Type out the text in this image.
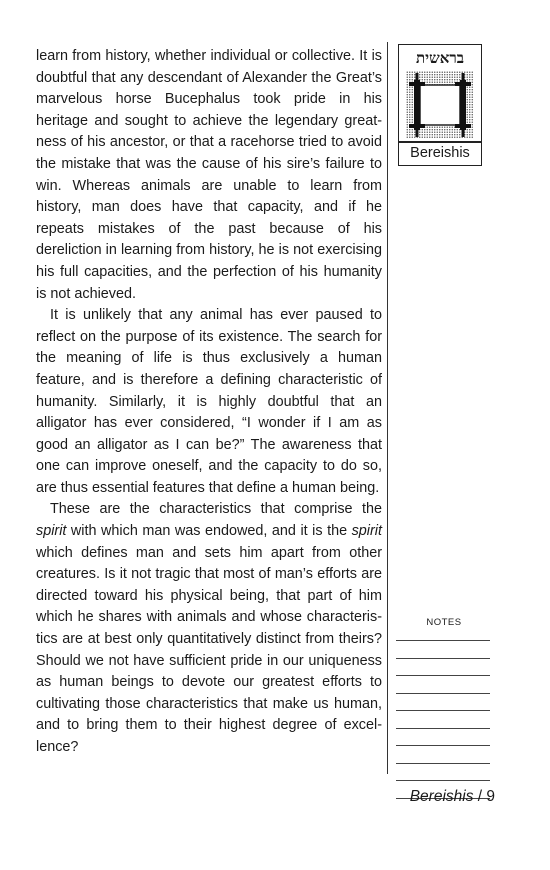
learn from history, whether individual or collective. It is doubtful that any descendant of Alexander the Great’s marvelous horse Bucephalus took pride in his heritage and sought to achieve the legendary greatness of his ancestor, or that a racehorse tried to avoid the mistake that was the cause of his sire’s failure to win. Whereas animals are unable to learn from history, man does have that capacity, and if he repeats mistakes of the past because of his dereliction in learning from history, he is not exercising his full capacities, and the perfection of his humanity is not achieved.

It is unlikely that any animal has ever paused to reflect on the purpose of its existence. The search for the meaning of life is thus exclusively a human feature, and is therefore a defining characteristic of humanity. Similarly, it is highly doubtful that an alligator has ever considered, “I wonder if I am as good an alligator as I can be?” The awareness that one can improve oneself, and the capacity to do so, are thus essential features that define a human being.

These are the characteristics that comprise the spirit with which man was endowed, and it is the spirit which defines man and sets him apart from other creatures. Is it not tragic that most of man’s efforts are directed toward his physical being, that part of him which he shares with animals and whose characteristics are at best only quantitatively distinct from theirs? Should we not have sufficient pride in our uniqueness as human beings to devote our greatest efforts to cultivating those characteristics that make us human, and to bring them to their highest degree of excellence?

בראשית
Bereishis
NOTES
Bereishis / 9
